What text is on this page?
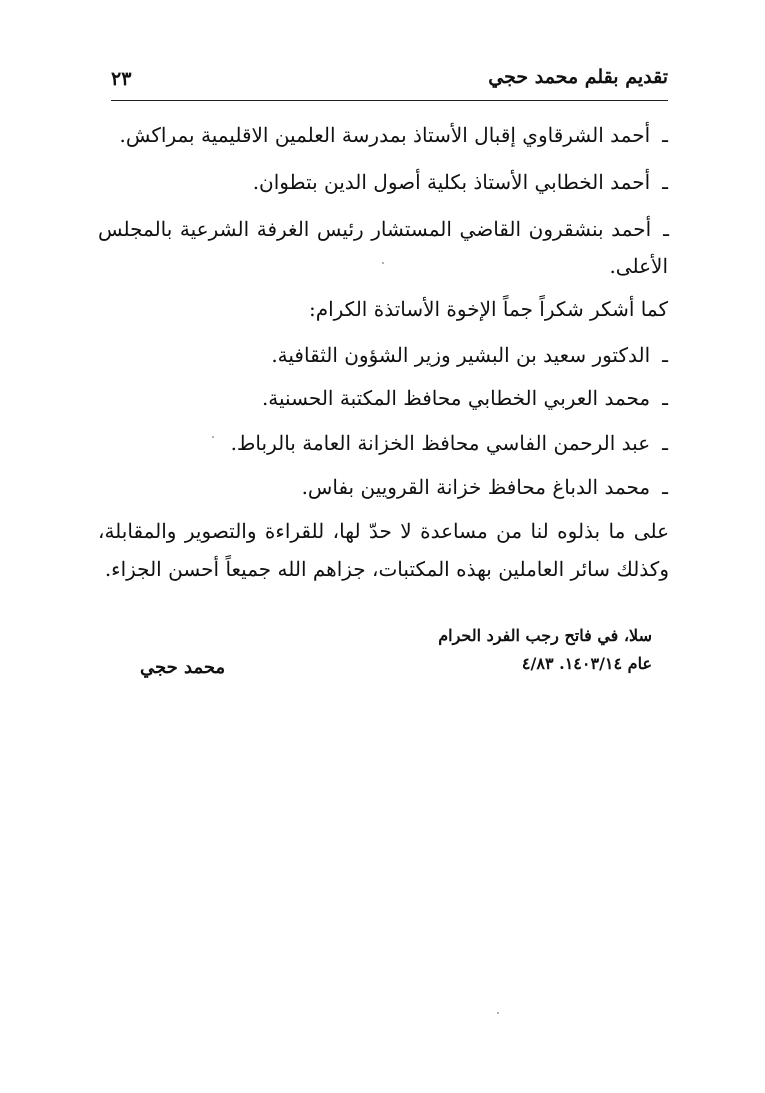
تقديم بقلم محمد حجي
٢٣
ـأحمد الشرقاوي إقبال الأستاذ بمدرسة العلمين الاقليمية بمراكش.
ـأحمد الخطابي الأستاذ بكلية أصول الدين بتطوان.
ـأحمد بنشقرون القاضي المستشار رئيس الغرفة الشرعية بالمجلس
الأعلى.
كما أشكر شكراً جماً الإخوة الأساتذة الكرام:
ـالدكتور سعيد بن البشير وزير الشؤون الثقافية.
ـمحمد العربي الخطابي محافظ المكتبة الحسنية.
ـعبد الرحمن الفاسي محافظ الخزانة العامة بالرباط.
ـمحمد الدباغ محافظ خزانة القرويين بفاس.
على ما بذلوه لنا من مساعدة لا حدّ لها، للقراءة والتصوير والمقابلة،
وكذلك سائر العاملين بهذه المكتبات، جزاهم الله جميعاً أحسن الجزاء.
سلا، في فاتح رجب الفرد الحرام
عام ١٤٠٣/١٤. ٤/٨٣
محمد حجي
